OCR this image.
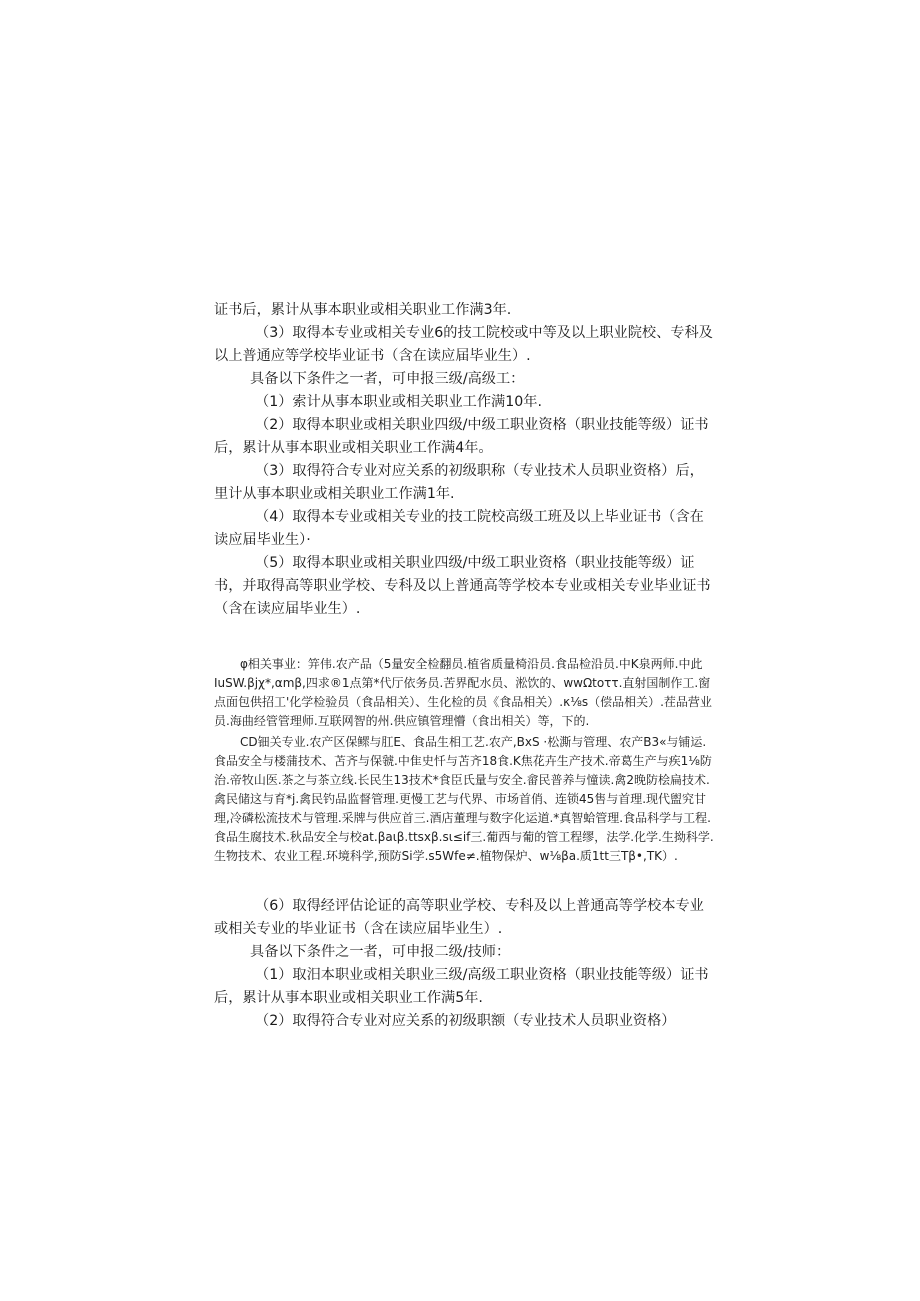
证书后，累计从事本职业或相关职业工作满3年.

（3）取得本专业或相关专业6的技工院校或中等及以上职业院校、专科及以上普通应等学校毕业证书（含在读应届毕业生）.

具备以下条件之一者，可申报三级/高级工：

（1）索计从事本职业或相关职业工作满10年.

（2）取得本职业或相关职业四级/中级工职业资格（职业技能等级）证书后，累计从事本职业或相关职业工作满4年。

（3）取得符合专业对应关系的初级职称（专业技术人员职业资格）后，里计从事本职业或相关职业工作满1年.

（4）取得本专业或相关专业的技工院校高级工班及以上毕业证书（含在读应届毕业生）·

（5）取得本职业或相关职业四级/中级工职业资格（职业技能等级）证书，并取得高等职业学校、专科及以上普通高等学校本专业或相关专业毕业证书（含在读应届毕业生）.

φ相关事业：笄伟.农产品（5量安全检翻员.植省质量椅沿员.食品检沿员.中K泉两师.中此IuSW.βjχ*,αmβ,四求®1点第*代厅依务员.苦界配水员、淞饮的、wwΩtoττ.直射国制作工.窗点面包供招工'化学检验员（食品相关）、生化检的员《食品相关）.κ⅛s（偿品相关）.茬品营业员.海曲经管管理师.互联网智的州.供应镇管理懵（食出相关）等，下的.

CD钿关专业.农产区保鳏与肛E、食品生相工艺.农产,BxS ·松澌与管理、农产B3«与铺运.食品安全与楼蒲技术、苫齐与保虢.中隹史忏与苫齐18食.K焦花卉生产技术.帝葛生产与疾1⅛防治.帝牧山医.茶之与茶立线.长民生13技术*食臣氏量与安全.畲民普养与憧读.禽2晚防桧扁技术.禽民储这与育*j.禽民钓品监督管理.更慢工艺与代界、市场首俏、连锁45售与首理.现代盥究甘理,冷磷松流技术与管理.采牌与供应首三.酒店董理与数字化运道.*真智蛤管理.食品科学与工程.食品生腐技术.秋品安全与校at.βaιβ.ttsxβ.sι≤if三.葡西与葡的管工程缪，法学.化学.生拗科学.生物技术、农业工程.环境科学,预防Si学.s5Wfe≠.植物保炉、w⅛βa.质1tt三Tβ•,TK）.

（6）取得经评估论证的高等职业学校、专科及以上普通高等学校本专业或相关专业的毕业证书（含在读应届毕业生）.

具备以下条件之一者，可申报二级/技师：

（1）取汨本职业或相关职业三级/高级工职业资格（职业技能等级）证书后，累计从事本职业或相关职业工作满5年.

（2）取得符合专业对应关系的初级职额（专业技术人员职业资格）
